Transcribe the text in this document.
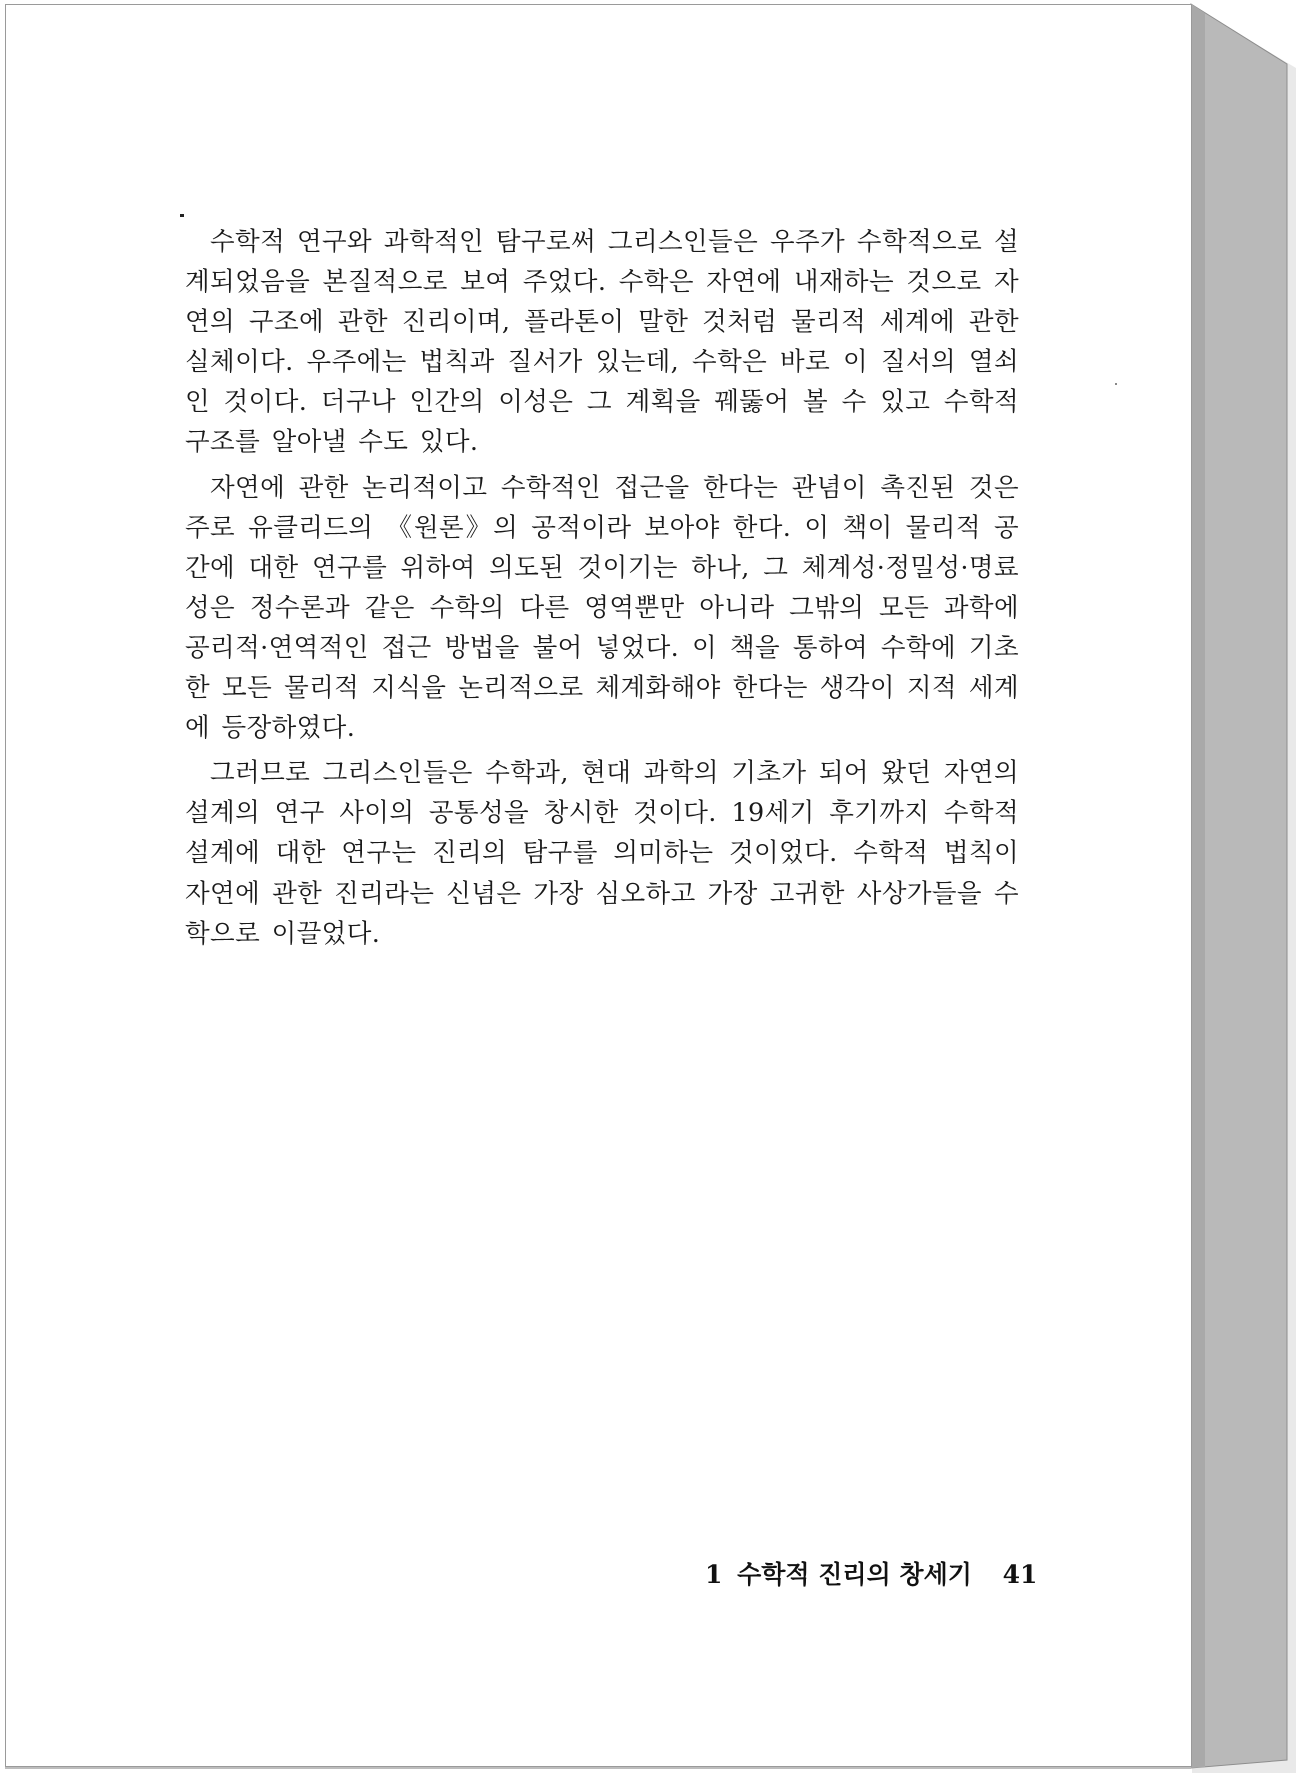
수학적 연구와 과학적인 탐구로써 그리스인들은 우주가 수학적으로 설계되었음을 본질적으로 보여 주었다. 수학은 자연에 내재하는 것으로 자연의 구조에 관한 진리이며, 플라톤이 말한 것처럼 물리적 세계에 관한 실체이다. 우주에는 법칙과 질서가 있는데, 수학은 바로 이 질서의 열쇠인 것이다. 더구나 인간의 이성은 그 계획을 꿰뚫어 볼 수 있고 수학적 구조를 알아낼 수도 있다.

자연에 관한 논리적이고 수학적인 접근을 한다는 관념이 촉진된 것은 주로 유클리드의 《원론》의 공적이라 보아야 한다. 이 책이 물리적 공간에 대한 연구를 위하여 의도된 것이기는 하나, 그 체계성·정밀성·명료성은 정수론과 같은 수학의 다른 영역뿐만 아니라 그밖의 모든 과학에 공리적·연역적인 접근 방법을 불어 넣었다. 이 책을 통하여 수학에 기초한 모든 물리적 지식을 논리적으로 체계화해야 한다는 생각이 지적 세계에 등장하였다.

그러므로 그리스인들은 수학과, 현대 과학의 기초가 되어 왔던 자연의 설계의 연구 사이의 공통성을 창시한 것이다. 19세기 후기까지 수학적 설계에 대한 연구는 진리의 탐구를 의미하는 것이었다. 수학적 법칙이 자연에 관한 진리라는 신념은 가장 심오하고 가장 고귀한 사상가들을 수학으로 이끌었다.

1 수학적 진리의 창세기 41
